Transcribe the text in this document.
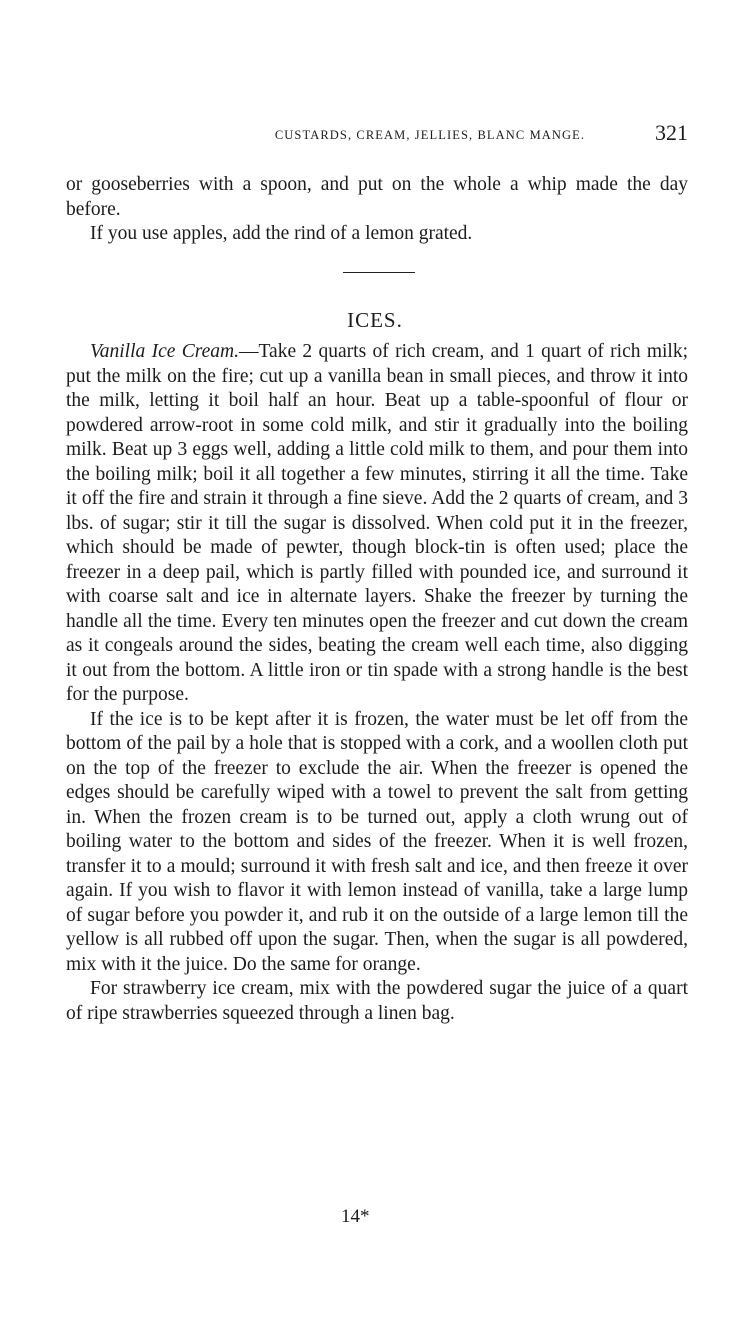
CUSTARDS, CREAM, JELLIES, BLANC MANGE.	321

or gooseberries with a spoon, and put on the whole a whip made the day before.

If you use apples, add the rind of a lemon grated.

ICES.

Vanilla Ice Cream.—Take 2 quarts of rich cream, and 1 quart of rich milk; put the milk on the fire; cut up a vanilla bean in small pieces, and throw it into the milk, letting it boil half an hour. Beat up a table-spoonful of flour or powdered arrow-root in some cold milk, and stir it gradually into the boiling milk. Beat up 3 eggs well, adding a little cold milk to them, and pour them into the boiling milk; boil it all together a few minutes, stirring it all the time. Take it off the fire and strain it through a fine sieve. Add the 2 quarts of cream, and 3 lbs. of sugar; stir it till the sugar is dissolved. When cold put it in the freezer, which should be made of pewter, though block-tin is often used; place the freezer in a deep pail, which is partly filled with pounded ice, and surround it with coarse salt and ice in alternate layers. Shake the freezer by turning the handle all the time. Every ten minutes open the freezer and cut down the cream as it congeals around the sides, beating the cream well each time, also digging it out from the bottom. A little iron or tin spade with a strong handle is the best for the purpose.

If the ice is to be kept after it is frozen, the water must be let off from the bottom of the pail by a hole that is stopped with a cork, and a woollen cloth put on the top of the freezer to exclude the air. When the freezer is opened the edges should be carefully wiped with a towel to prevent the salt from getting in. When the frozen cream is to be turned out, apply a cloth wrung out of boiling water to the bottom and sides of the freezer. When it is well frozen, transfer it to a mould; surround it with fresh salt and ice, and then freeze it over again. If you wish to flavor it with lemon instead of vanilla, take a large lump of sugar before you powder it, and rub it on the outside of a large lemon till the yellow is all rubbed off upon the sugar. Then, when the sugar is all powdered, mix with it the juice. Do the same for orange.

For strawberry ice cream, mix with the powdered sugar the juice of a quart of ripe strawberries squeezed through a linen bag.

14*
